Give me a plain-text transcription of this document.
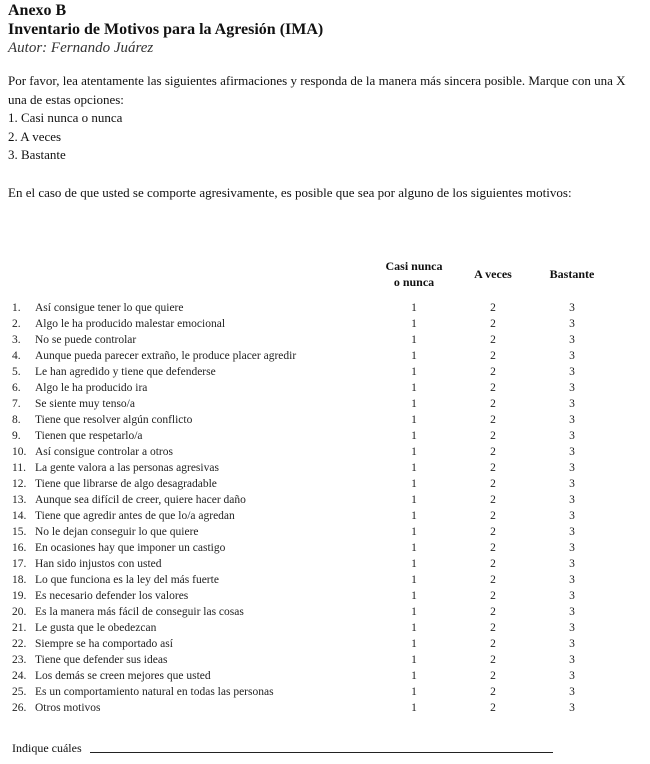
Anexo B
Inventario de Motivos para la Agresión (IMA)
Autor: Fernando Juárez
Por favor, lea atentamente las siguientes afirmaciones y responda de la manera más sincera posible. Marque con una X una de estas opciones:
1. Casi nunca o nunca
2. A veces
3. Bastante
En el caso de que usted se comporte agresivamente, es posible que sea por alguno de los siguientes motivos:
Casi nunca
o nunca
A veces	Bastante
1.	Así consigue tener lo que quiere	1	2	3
2.	Algo le ha producido malestar emocional	1	2	3
3.	No se puede controlar	1	2	3
4.	Aunque pueda parecer extraño, le produce placer agredir	1	2	3
5.	Le han agredido y tiene que defenderse	1	2	3
6.	Algo le ha producido ira	1	2	3
7.	Se siente muy tenso/a	1	2	3
8.	Tiene que resolver algún conflicto	1	2	3
9.	Tienen que respetarlo/a	1	2	3
10. Así consigue controlar a otros	1	2	3
11. La gente valora a las personas agresivas	1	2	3
12. Tiene que librarse de algo desagradable	1	2	3
13. Aunque sea difícil de creer, quiere hacer daño	1	2	3
14. Tiene que agredir antes de que lo/a agredan	1	2	3
15. No le dejan conseguir lo que quiere	1	2	3
16. En ocasiones hay que imponer un castigo	1	2	3
17. Han sido injustos con usted	1	2	3
18. Lo que funciona es la ley del más fuerte	1	2	3
19. Es necesario defender los valores	1	2	3
20. Es la manera más fácil de conseguir las cosas	1	2	3
21. Le gusta que le obedezcan	1	2	3
22. Siempre se ha comportado así	1	2	3
23. Tiene que defender sus ideas	1	2	3
24. Los demás se creen mejores que usted	1	2	3
25. Es un comportamiento natural en todas las personas	1	2	3
26. Otros motivos	1	2	3
Indique cuáles
